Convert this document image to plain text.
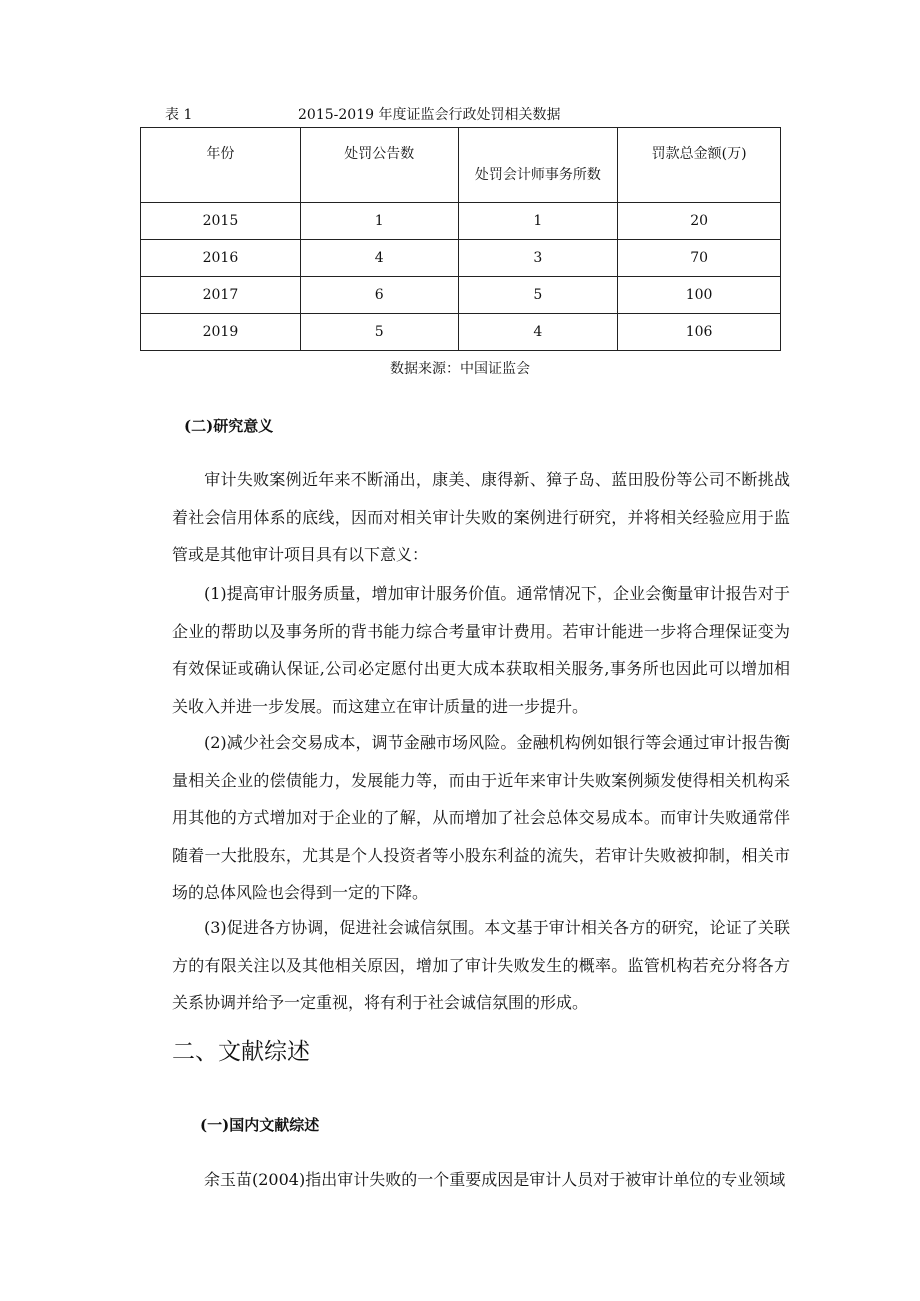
表 1	2015-2019 年度证监会行政处罚相关数据
年份	处罚公告数	处罚会计师事务所数	罚款总金额(万)

2015	1	1	20
2016	4	3	70
2017	6	5	100
2019	5	4	106
数据来源：中国证监会
(二)研究意义
审计失败案例近年来不断涌出，康美、康得新、獐子岛、蓝田股份等公司不断挑战着社会信用体系的底线，因而对相关审计失败的案例进行研究，并将相关经验应用于监管或是其他审计项目具有以下意义：
(1)提高审计服务质量，增加审计服务价值。通常情况下，企业会衡量审计报告对于企业的帮助以及事务所的背书能力综合考量审计费用。若审计能进一步将合理保证变为有效保证或确认保证,公司必定愿付出更大成本获取相关服务,事务所也因此可以增加相关收入并进一步发展。而这建立在审计质量的进一步提升。
(2)减少社会交易成本，调节金融市场风险。金融机构例如银行等会通过审计报告衡量相关企业的偿债能力，发展能力等，而由于近年来审计失败案例频发使得相关机构采用其他的方式增加对于企业的了解，从而增加了社会总体交易成本。而审计失败通常伴随着一大批股东，尤其是个人投资者等小股东利益的流失，若审计失败被抑制，相关市场的总体风险也会得到一定的下降。
(3)促进各方协调，促进社会诚信氛围。本文基于审计相关各方的研究，论证了关联方的有限关注以及其他相关原因，增加了审计失败发生的概率。监管机构若充分将各方关系协调并给予一定重视，将有利于社会诚信氛围的形成。
二、文献综述
(一)国内文献综述
余玉苗(2004)指出审计失败的一个重要成因是审计人员对于被审计单位的专业领域
